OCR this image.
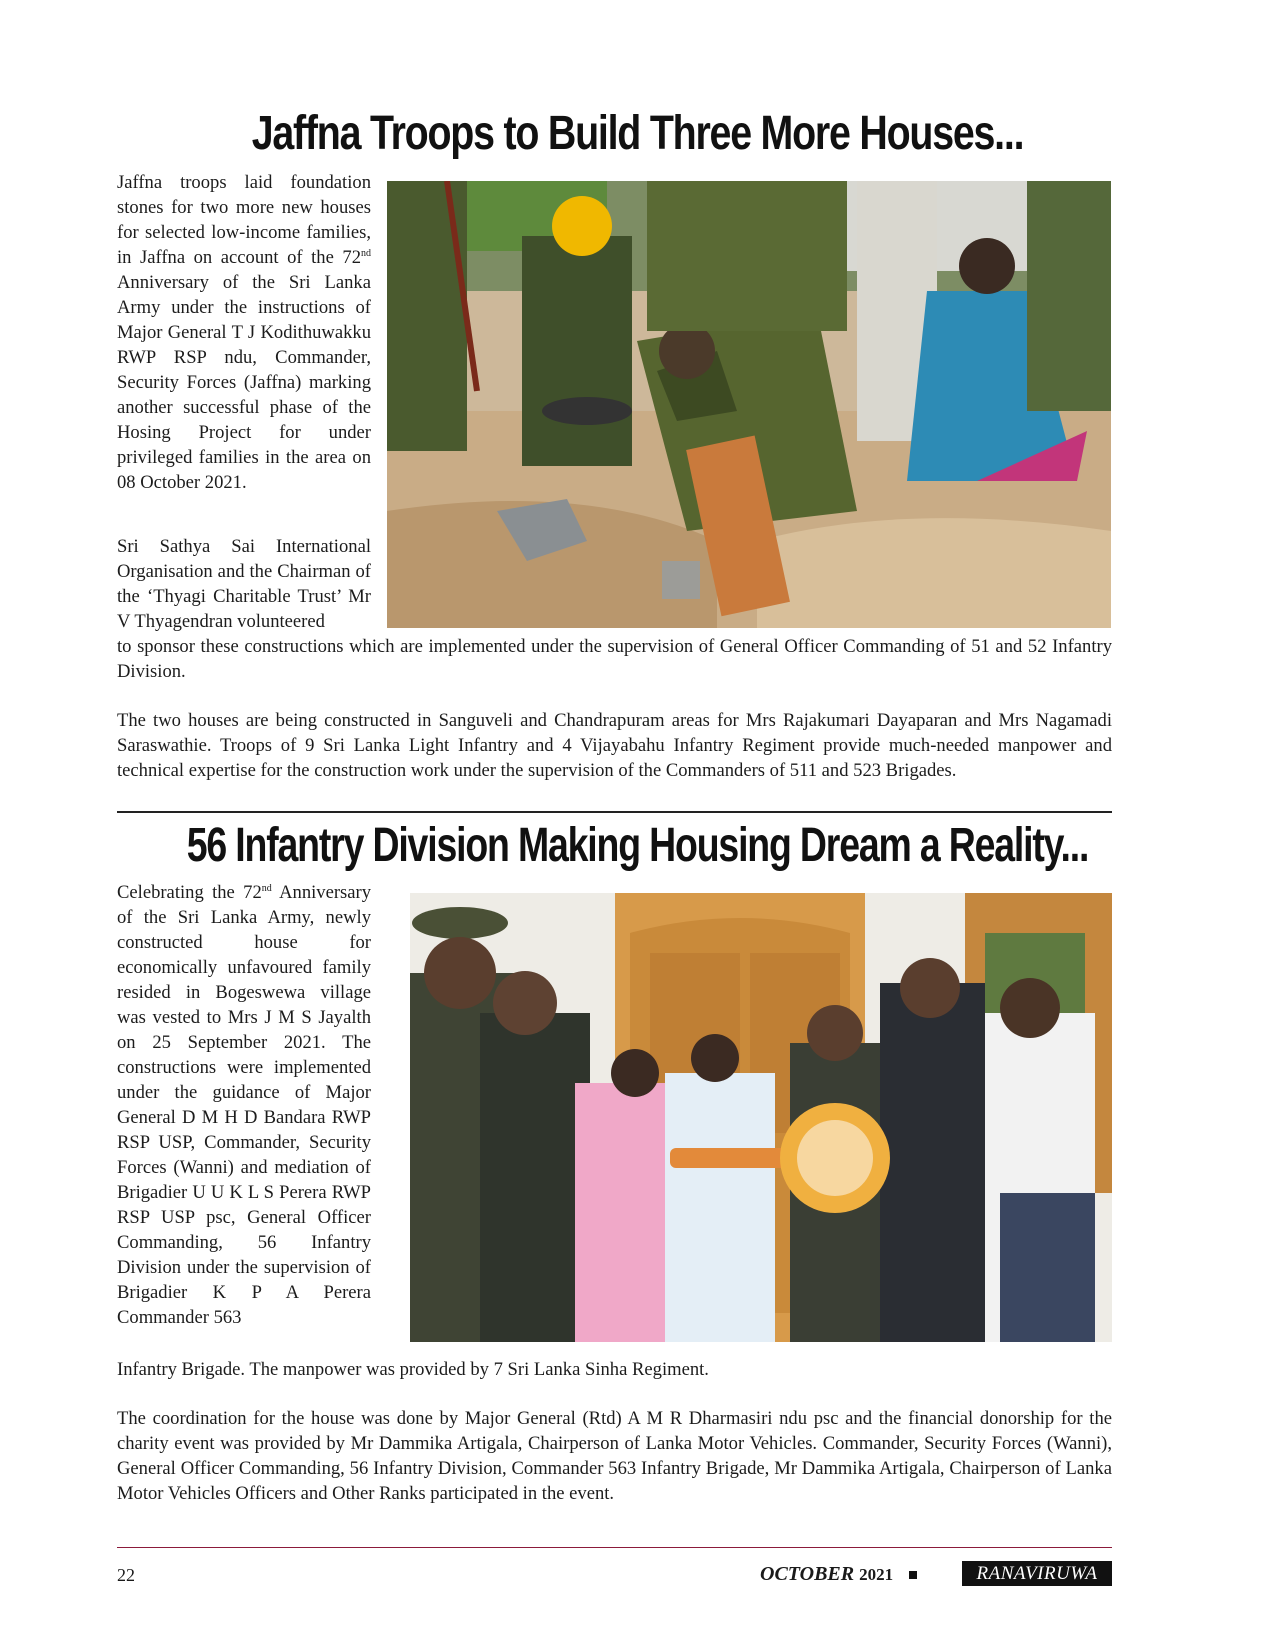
Jaffna Troops to Build Three More Houses...

Jaffna troops laid foundation stones for two more new houses for selected low-income families, in Jaffna on account of the 72nd Anniversary of the Sri Lanka Army under the instructions of Major General T J Kodithuwakku RWP RSP ndu, Commander, Security Forces (Jaffna) marking another successful phase of the Hosing Project for under privileged families in the area on 08 October 2021.

Sri Sathya Sai International Organisation and the Chairman of the ‘Thyagi Charitable Trust’ Mr V Thyagendran volunteered

to sponsor these constructions which are implemented under the supervision of General Officer Commanding of 51 and 52 Infantry Division.

The two houses are being constructed in Sanguveli and Chandrapuram areas for Mrs Rajakumari Dayaparan and Mrs Nagamadi Saraswathie. Troops of 9 Sri Lanka Light Infantry and 4 Vijayabahu Infantry Regiment provide much-needed manpower and technical expertise for the construction work under the supervision of the Commanders of 511 and 523 Brigades.

56 Infantry Division Making Housing Dream a Reality...

Celebrating the 72nd Anniversary of the Sri Lanka Army, newly constructed house for economically unfavoured family resided in Bogeswewa village was vested to Mrs J M S Jayalth on 25 September 2021. The constructions were implemented under the guidance of Major General D M H D Bandara RWP RSP USP, Commander, Security Forces (Wanni) and mediation of Brigadier U U K L S Perera RWP RSP USP psc, General Officer Commanding, 56 Infantry Division under the supervision of Brigadier K P A Perera Commander 563

Infantry Brigade. The manpower was provided by 7 Sri Lanka Sinha Regiment.

The coordination for the house was done by Major General (Rtd) A M R Dharmasiri ndu psc and the financial donorship for the charity event was provided by Mr Dammika Artigala, Chairperson of Lanka Motor Vehicles. Commander, Security Forces (Wanni), General Officer Commanding, 56 Infantry Division, Commander 563 Infantry Brigade, Mr Dammika Artigala, Chairperson of Lanka Motor Vehicles Officers and Other Ranks participated in the event.

22	OCTOBER 2021	RANAVIRUWA
